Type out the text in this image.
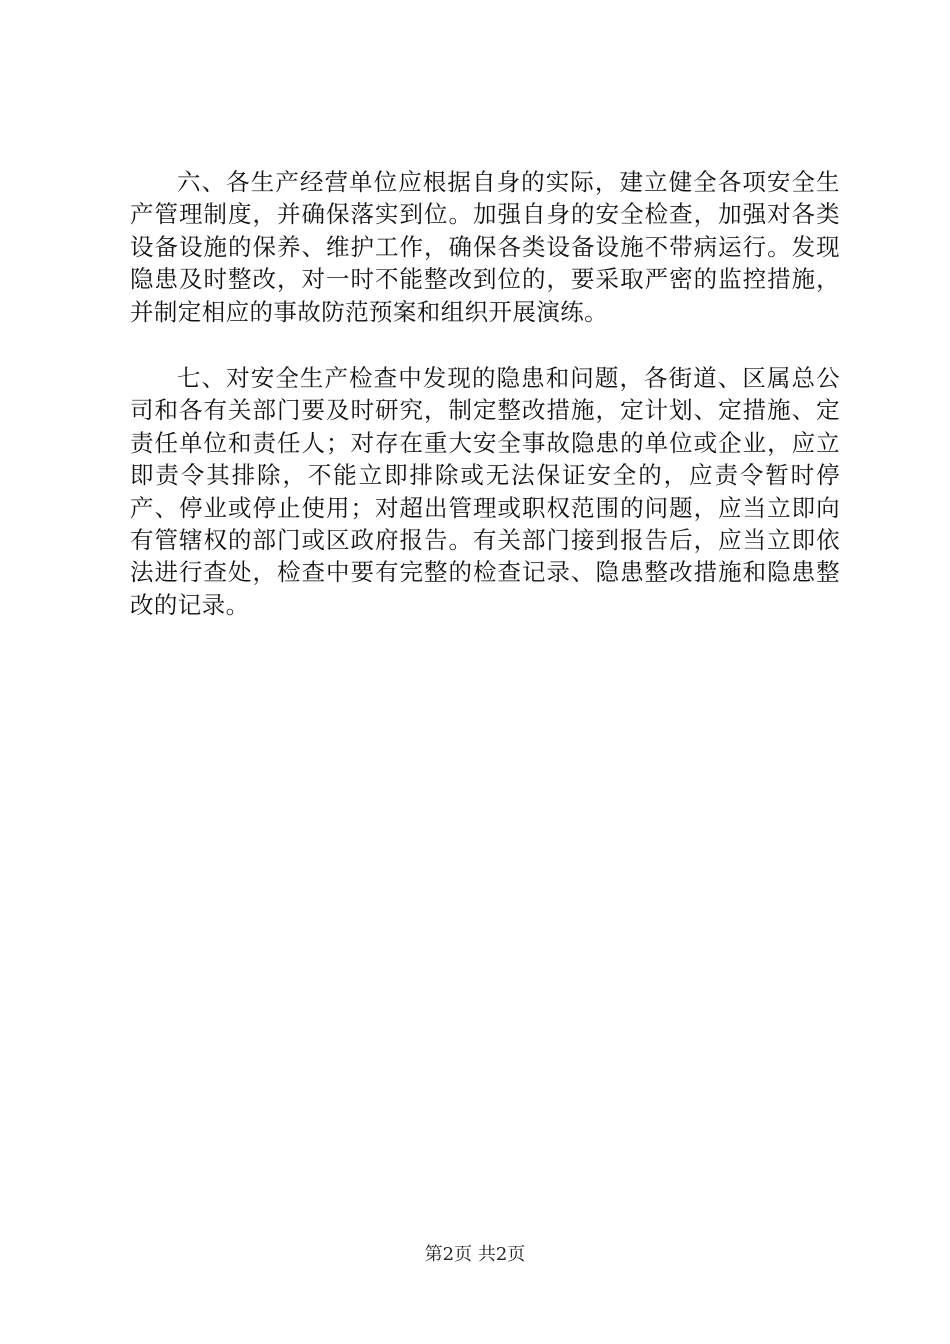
六、各生产经营单位应根据自身的实际，建立健全各项安全生产管理制度，并确保落实到位。加强自身的安全检查，加强对各类设备设施的保养、维护工作，确保各类设备设施不带病运行。发现隐患及时整改，对一时不能整改到位的，要采取严密的监控措施，并制定相应的事故防范预案和组织开展演练。

七、对安全生产检查中发现的隐患和问题，各街道、区属总公司和各有关部门要及时研究，制定整改措施，定计划、定措施、定责任单位和责任人；对存在重大安全事故隐患的单位或企业，应立即责令其排除，不能立即排除或无法保证安全的，应责令暂时停产、停业或停止使用；对超出管理或职权范围的问题，应当立即向有管辖权的部门或区政府报告。有关部门接到报告后，应当立即依法进行查处，检查中要有完整的检查记录、隐患整改措施和隐患整改的记录。

第2页 共2页
